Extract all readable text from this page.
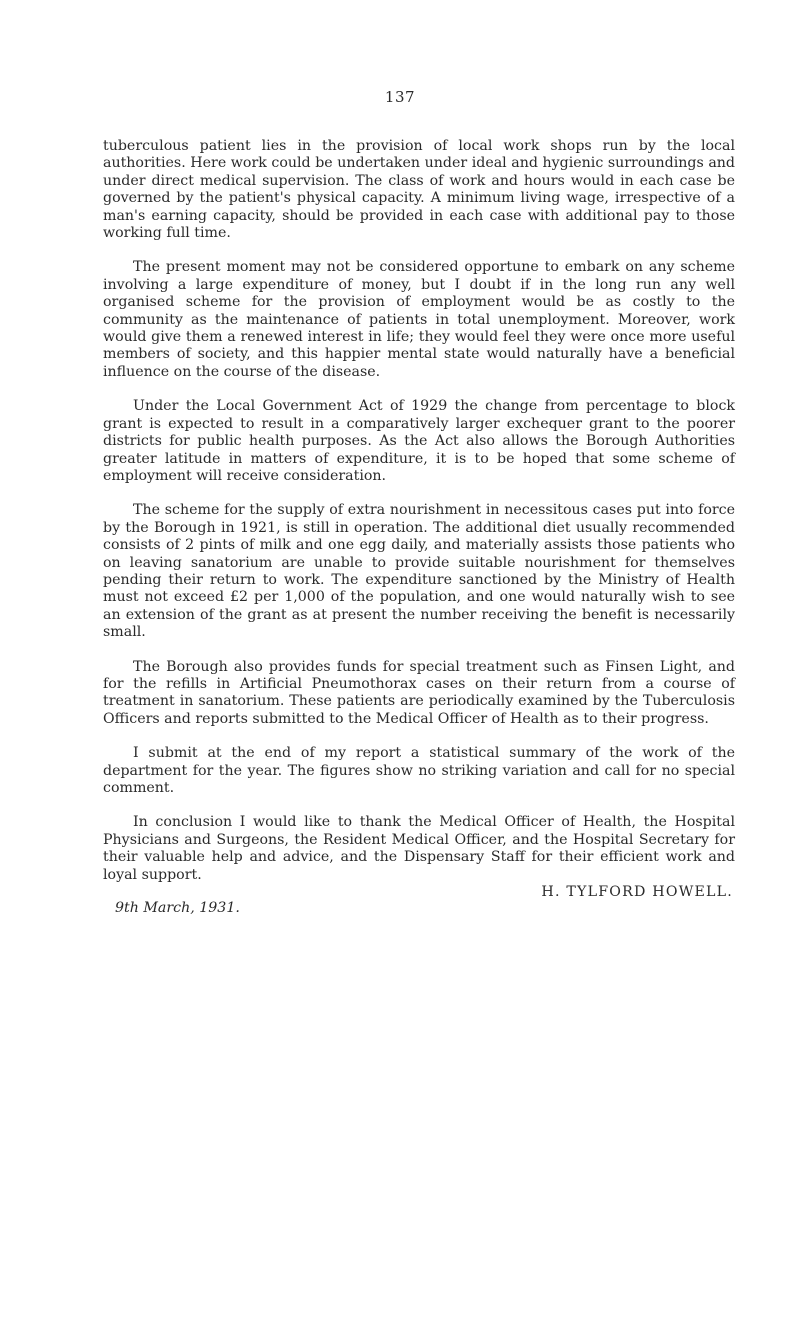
137

tuberculous patient lies in the provision of local work shops run by the local authorities. Here work could be undertaken under ideal and hygienic surroundings and under direct medical supervision. The class of work and hours would in each case be governed by the patient's physical capacity. A minimum living wage, irrespective of a man's earning capacity, should be provided in each case with additional pay to those working full time.

The present moment may not be considered opportune to embark on any scheme involving a large expenditure of money, but I doubt if in the long run any well organised scheme for the provision of employment would be as costly to the community as the maintenance of patients in total unemployment. Moreover, work would give them a renewed interest in life; they would feel they were once more useful members of society, and this happier mental state would naturally have a beneficial influence on the course of the disease.

Under the Local Government Act of 1929 the change from percentage to block grant is expected to result in a comparatively larger exchequer grant to the poorer districts for public health purposes. As the Act also allows the Borough Authorities greater latitude in matters of expenditure, it is to be hoped that some scheme of employment will receive consideration.

The scheme for the supply of extra nourishment in necessitous cases put into force by the Borough in 1921, is still in operation. The additional diet usually recommended consists of 2 pints of milk and one egg daily, and materially assists those patients who on leaving sanatorium are unable to provide suitable nourishment for themselves pending their return to work. The expenditure sanctioned by the Ministry of Health must not exceed £2 per 1,000 of the population, and one would naturally wish to see an extension of the grant as at present the number receiving the benefit is necessarily small.

The Borough also provides funds for special treatment such as Finsen Light, and for the refills in Artificial Pneumothorax cases on their return from a course of treatment in sanatorium. These patients are periodically examined by the Tuberculosis Officers and reports submitted to the Medical Officer of Health as to their progress.

I submit at the end of my report a statistical summary of the work of the department for the year. The figures show no striking variation and call for no special comment.

In conclusion I would like to thank the Medical Officer of Health, the Hospital Physicians and Surgeons, the Resident Medical Officer, and the Hospital Secretary for their valuable help and advice, and the Dispensary Staff for their efficient work and loyal support.

H. TYLFORD HOWELL.
9th March, 1931.
